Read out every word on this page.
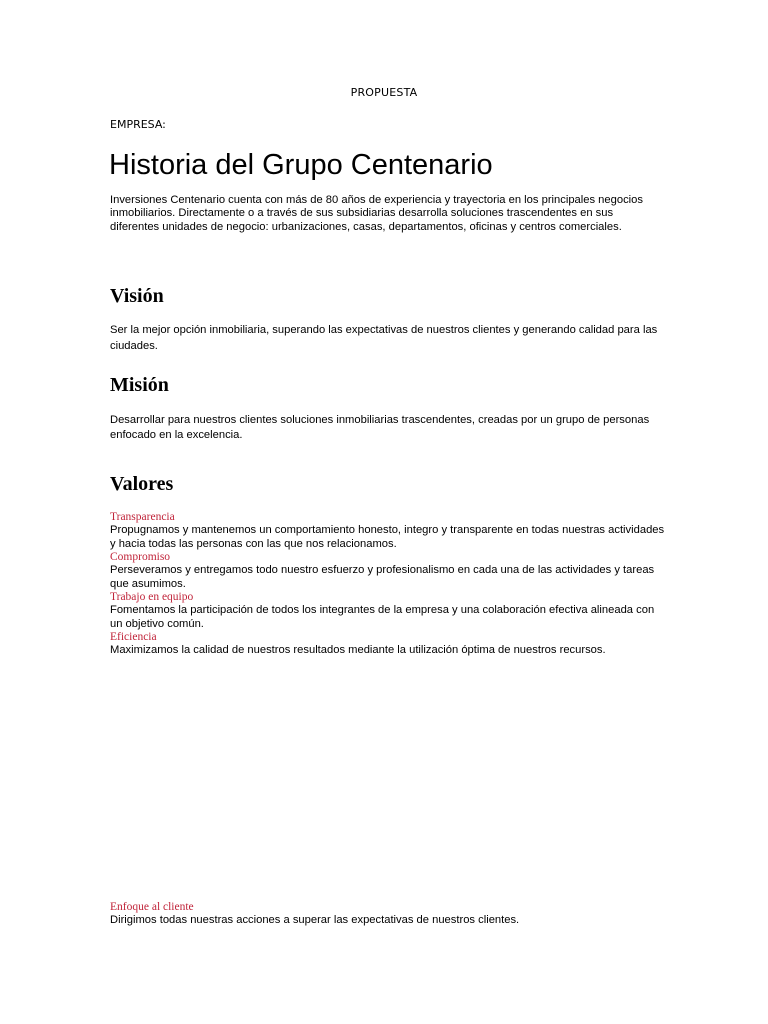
PROPUESTA
EMPRESA:
Historia del Grupo Centenario

Inversiones Centenario cuenta con más de 80 años de experiencia y trayectoria en los principales negocios inmobiliarios. Directamente o a través de sus subsidiarias desarrolla soluciones trascendentes en sus diferentes unidades de negocio: urbanizaciones, casas, departamentos, oficinas y centros comerciales.

Visión

Ser la mejor opción inmobiliaria, superando las expectativas de nuestros clientes y generando calidad para las ciudades.

Misión

Desarrollar para nuestros clientes soluciones inmobiliarias trascendentes, creadas por un grupo de personas enfocado en la excelencia.

Valores

Transparencia

Propugnamos y mantenemos un comportamiento honesto, integro y transparente en todas nuestras actividades y hacia todas las personas con las que nos relacionamos.

Compromiso

Perseveramos y entregamos todo nuestro esfuerzo y profesionalismo en cada una de las actividades y tareas que asumimos.

Trabajo en equipo

Fomentamos la participación de todos los integrantes de la empresa y una colaboración efectiva alineada con un objetivo común.

Eficiencia

Maximizamos la calidad de nuestros resultados mediante la utilización óptima de nuestros recursos.

Enfoque al cliente

Dirigimos todas nuestras acciones a superar las expectativas de nuestros clientes.
